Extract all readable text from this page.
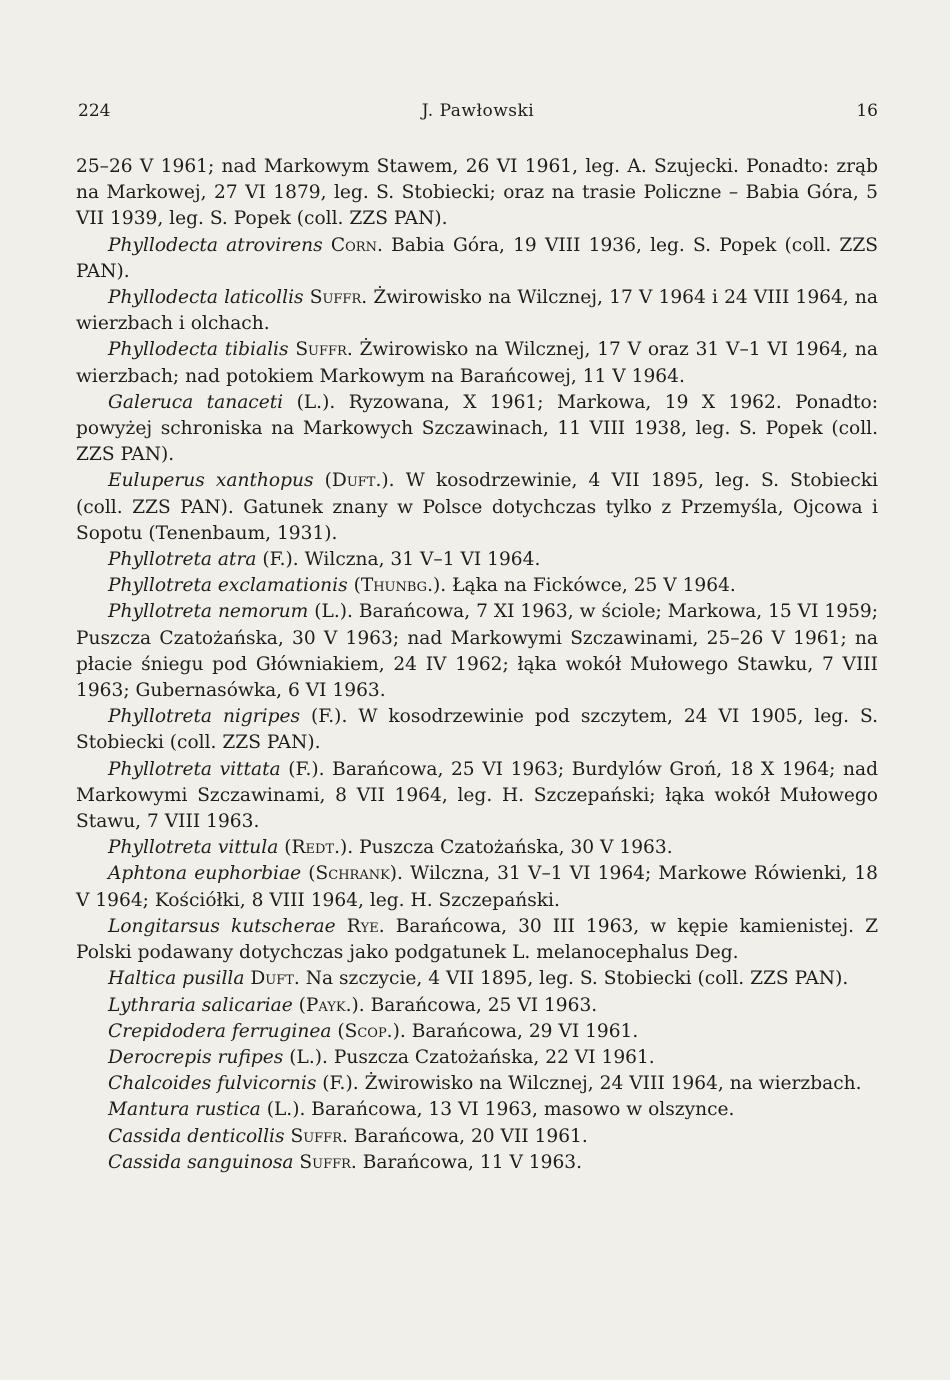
224	J. Pawłowski	16

25–26 V 1961; nad Markowym Stawem, 26 VI 1961, leg. A. Szujecki. Ponadto: zrąb na Markowej, 27 VI 1879, leg. S. Stobiecki; oraz na trasie Policzne – Babia Góra, 5 VII 1939, leg. S. Popek (coll. ZZS PAN).

Phyllodecta atrovirens Corn. Babia Góra, 19 VIII 1936, leg. S. Popek (coll. ZZS PAN).

Phyllodecta laticollis Suffr. Żwirowisko na Wilcznej, 17 V 1964 i 24 VIII 1964, na wierzbach i olchach.

Phyllodecta tibialis Suffr. Żwirowisko na Wilcznej, 17 V oraz 31 V–1 VI 1964, na wierzbach; nad potokiem Markowym na Barańcowej, 11 V 1964.

Galeruca tanaceti (L.). Ryzowana, X 1961; Markowa, 19 X 1962. Ponadto: powyżej schroniska na Markowych Szczawinach, 11 VIII 1938, leg. S. Popek (coll. ZZS PAN).

Euluperus xanthopus (Duft.). W kosodrzewinie, 4 VII 1895, leg. S. Stobiecki (coll. ZZS PAN). Gatunek znany w Polsce dotychczas tylko z Przemyśla, Ojcowa i Sopotu (Tenenbaum, 1931).

Phyllotreta atra (F.). Wilczna, 31 V–1 VI 1964.

Phyllotreta exclamationis (Thunbg.). Łąka na Fickówce, 25 V 1964.

Phyllotreta nemorum (L.). Barańcowa, 7 XI 1963, w ściole; Markowa, 15 VI 1959; Puszcza Czatożańska, 30 V 1963; nad Markowymi Szczawinami, 25–26 V 1961; na płacie śniegu pod Główniakiem, 24 IV 1962; łąka wokół Mułowego Stawku, 7 VIII 1963; Gubernasówka, 6 VI 1963.

Phyllotreta nigripes (F.). W kosodrzewinie pod szczytem, 24 VI 1905, leg. S. Stobiecki (coll. ZZS PAN).

Phyllotreta vittata (F.). Barańcowa, 25 VI 1963; Burdylów Groń, 18 X 1964; nad Markowymi Szczawinami, 8 VII 1964, leg. H. Szczepański; łąka wokół Mułowego Stawu, 7 VIII 1963.

Phyllotreta vittula (Redt.). Puszcza Czatożańska, 30 V 1963.

Aphtona euphorbiae (Schrank). Wilczna, 31 V–1 VI 1964; Markowe Rówienki, 18 V 1964; Kościółki, 8 VIII 1964, leg. H. Szczepański.

Longitarsus kutscherae Rye. Barańcowa, 30 III 1963, w kępie kamienistej. Z Polski podawany dotychczas jako podgatunek L. melanocephalus Deg.

Haltica pusilla Duft. Na szczycie, 4 VII 1895, leg. S. Stobiecki (coll. ZZS PAN).

Lythraria salicariae (Payk.). Barańcowa, 25 VI 1963.

Crepidodera ferruginea (Scop.). Barańcowa, 29 VI 1961.

Derocrepis rufipes (L.). Puszcza Czatożańska, 22 VI 1961.

Chalcoides fulvicornis (F.). Żwirowisko na Wilcznej, 24 VIII 1964, na wierzbach.

Mantura rustica (L.). Barańcowa, 13 VI 1963, masowo w olszynce.

Cassida denticollis Suffr. Barańcowa, 20 VII 1961.

Cassida sanguinosa Suffr. Barańcowa, 11 V 1963.
